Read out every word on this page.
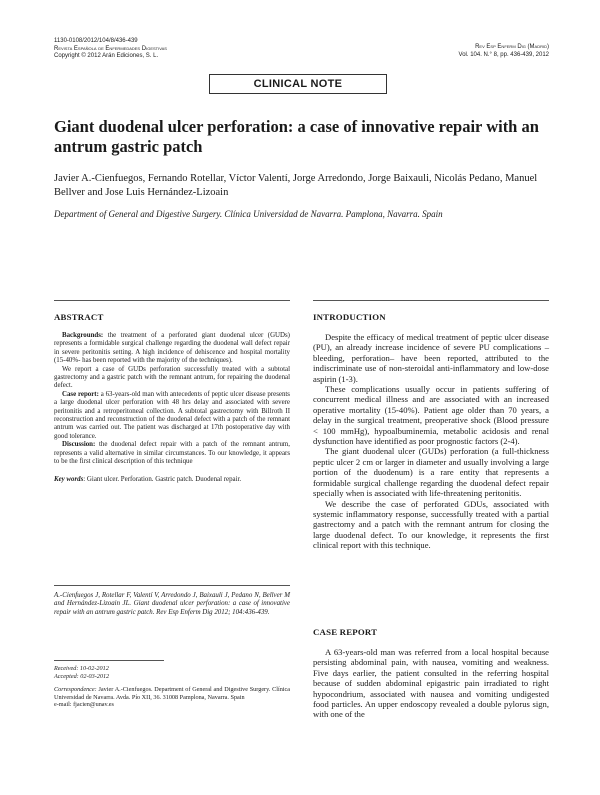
1130-0108/2012/104/8/436-439
Revista Española de Enfermedades Digestivas
Copyright © 2012 Arán Ediciones, S. L.
Rev Esp Enferm Dig (Madrid)
Vol. 104. N.° 8, pp. 436-439, 2012
CLINICAL NOTE
Giant duodenal ulcer perforation: a case of innovative repair with an antrum gastric patch
Javier A.-Cienfuegos, Fernando Rotellar, Víctor Valentí, Jorge Arredondo, Jorge Baixauli, Nicolás Pedano, Manuel Bellver and Jose Luis Hernández-Lizoain
Department of General and Digestive Surgery. Clínica Universidad de Navarra. Pamplona, Navarra. Spain
ABSTRACT

Backgrounds: the treatment of a perforated giant duodenal ulcer (GUDs) represents a formidable surgical challenge regarding the duodenal wall defect repair in severe peritonitis setting. A high incidence of dehiscence and hospital mortality (15-40%- has been reported with the majority of the techniques).

We report a case of GUDs perforation successfully treated with a subtotal gastrectomy and a gastric patch with the remnant antrum, for repairing the duodenal defect.

Case report: a 63-years-old man with antecedents of peptic ulcer disease presents a large duodenal ulcer perforation with 48 hrs delay and associated with severe peritonitis and a retroperitoneal collection. A subtotal gastrectomy with Billroth II reconstruction and reconstruction of the duodenal defect with a patch of the remnant antrum was carried out. The patient was discharged at 17th postoperative day with good tolerance.

Discussion: the duodenal defect repair with a patch of the remnant antrum, represents a valid alternative in similar circumstances. To our knowledge, it appears to be the first clinical description of this technique

Key words: Giant ulcer. Perforation. Gastric patch. Duodenal repair.

A.-Cienfuegos J, Rotellar F, Valentí V, Arredondo J, Baixauli J, Pedano N, Bellver M and Hernández-Lizoain JL. Giant duodenal ulcer perforation: a case of innovative repair with an antrum gastric patch. Rev Esp Enferm Dig 2012; 104:436-439.
Received: 10-02-2012
Accepted: 02-03-2012
Correspondence: Javier A.-Cienfuegos. Department of General and Digestive Surgery. Clínica Universidad de Navarra. Avda. Pío XII, 36. 31008 Pamplona, Navarra. Spain
e-mail: fjacien@unav.es
INTRODUCTION

Despite the efficacy of medical treatment of peptic ulcer disease (PU), an already increase incidence of severe PU complications –bleeding, perforation– have been reported, attributed to the indiscriminate use of non-steroidal anti-inflammatory and low-dose aspirin (1-3).

These complications usually occur in patients suffering of concurrent medical illness and are associated with an increased operative mortality (15-40%). Patient age older than 70 years, a delay in the surgical treatment, preoperative shock (Blood pressure < 100 mmHg), hypoalbuminemia, metabolic acidosis and renal dysfunction have identified as poor prognostic factors (2-4).

The giant duodenal ulcer (GUDs) perforation (a full-thickness peptic ulcer 2 cm or larger in diameter and usually involving a large portion of the duodenum) is a rare entity that represents a formidable surgical challenge regarding the duodenal defect repair specially when is associated with life-threatening peritonitis.

We describe the case of perforated GDUs, associated with systemic inflammatory response, successfully treated with a partial gastrectomy and a patch with the remnant antrum for closing the large duodenal defect. To our knowledge, it represents the first clinical report with this technique.

CASE REPORT

A 63-years-old man was referred from a local hospital because persisting abdominal pain, with nausea, vomiting and weakness. Five days earlier, the patient consulted in the referring hospital because of sudden abdominal epigastric pain irradiated to right hypocondrium, associated with nausea and vomiting undigested food particles. An upper endoscopy revealed a double pylorus sign, with one of the
